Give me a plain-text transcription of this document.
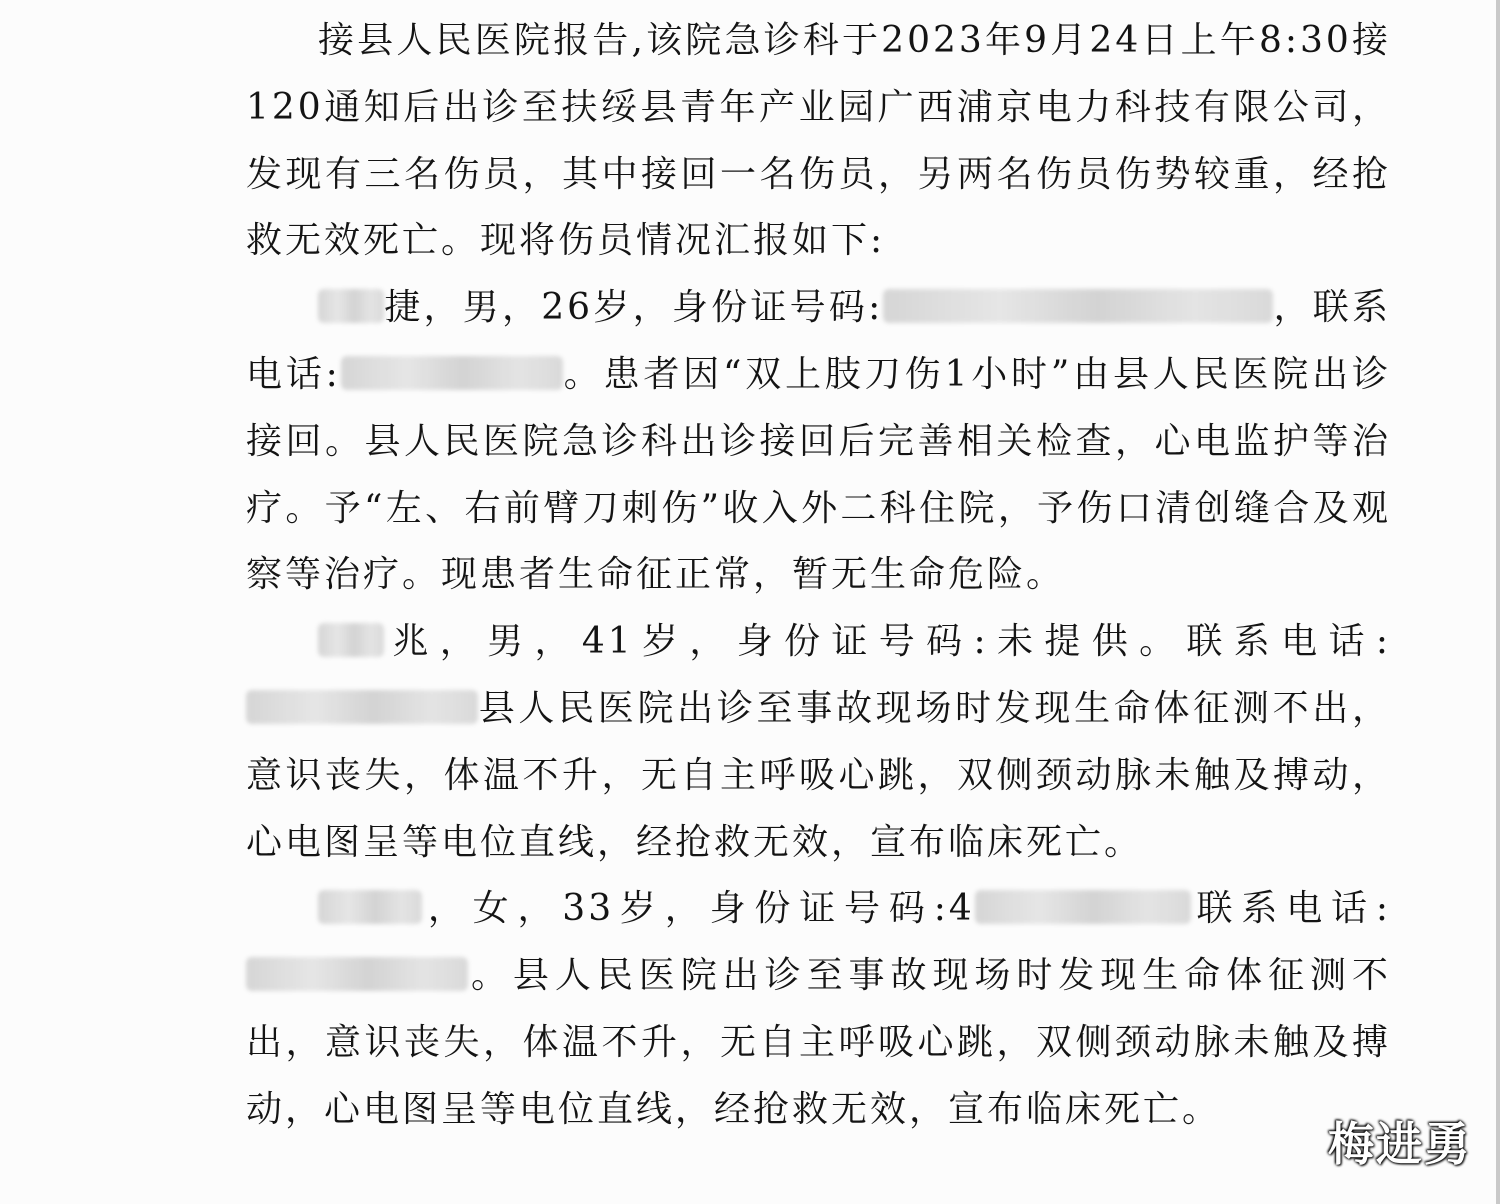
接县人民医院报告,该院急诊科于2023年9月24日上午8:30接120通知后出诊至扶绥县青年产业园广西浦京电力科技有限公司，发现有三名伤员，其中接回一名伤员，另两名伤员伤势较重，经抢救无效死亡。现将伤员情况汇报如下:

捷，男，26岁，身份证号码:	，联系电话:	。患者因“双上肢刀伤1小时”由县人民医院出诊接回。县人民医院急诊科出诊接回后完善相关检查，心电监护等治疗。予“左、右前臂刀刺伤”收入外二科住院，予伤口清创缝合及观察等治疗。现患者生命征正常，暂无生命危险。

兆，男，41岁，身份证号码:未提供。联系电话:县人民医院出诊至事故现场时发现生命体征测不出，意识丧失，体温不升，无自主呼吸心跳，双侧颈动脉未触及搏动，心电图呈等电位直线，经抢救无效，宣布临床死亡。

，女，33岁，身份证号码:4	联系电话:。县人民医院出诊至事故现场时发现生命体征测不出，意识丧失，体温不升，无自主呼吸心跳，双侧颈动脉未触及搏动，心电图呈等电位直线，经抢救无效，宣布临床死亡。

梅进勇
